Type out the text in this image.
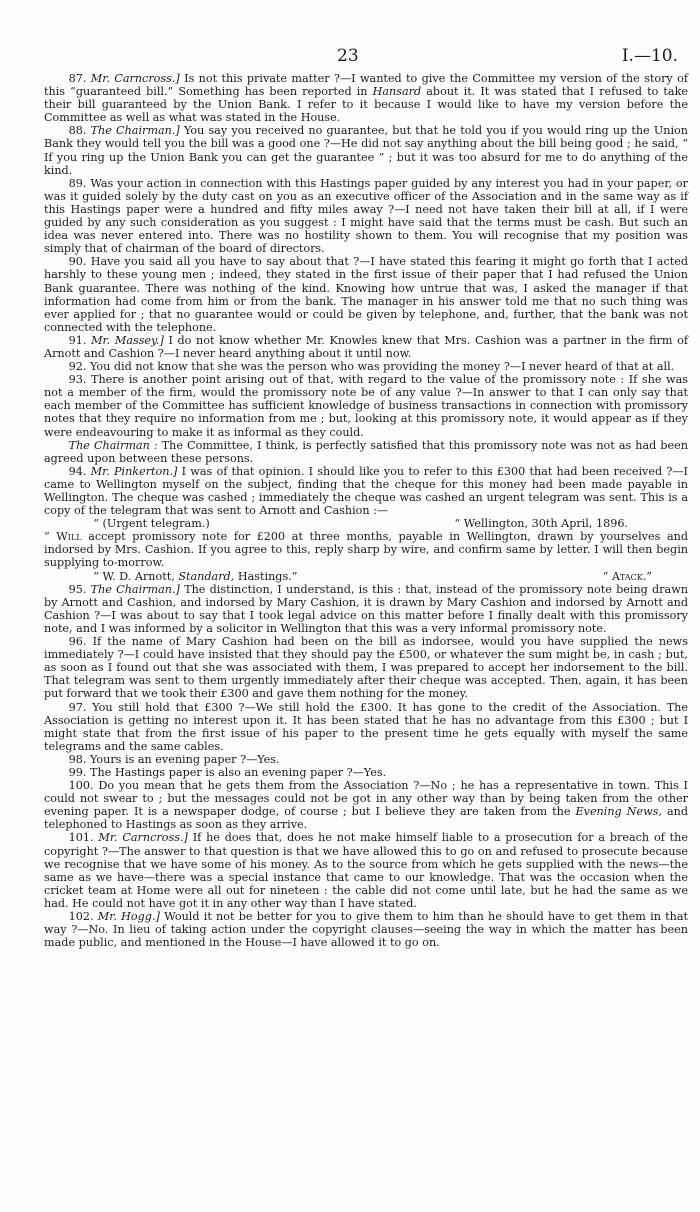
23	I.—10.

87. Mr. Carncross.] Is not this private matter ?—I wanted to give the Committee my version of the story of this “guaranteed bill.” Something has been reported in Hansard about it. It was stated that I refused to take their bill guaranteed by the Union Bank. I refer to it because I would like to have my version before the Committee as well as what was stated in the House.

88. The Chairman.] You say you received no guarantee, but that he told you if you would ring up the Union Bank they would tell you the bill was a good one ?—He did not say anything about the bill being good ; he said, “ If you ring up the Union Bank you can get the guarantee ” ; but it was too absurd for me to do anything of the kind.

89. Was your action in connection with this Hastings paper guided by any interest you had in your paper, or was it guided solely by the duty cast on you as an executive officer of the Association and in the same way as if this Hastings paper were a hundred and fifty miles away ?—I need not have taken their bill at all, if I were guided by any such consideration as you suggest : I might have said that the terms must be cash. But such an idea was never entered into. There was no hostility shown to them. You will recognise that my position was simply that of chairman of the board of directors.

90. Have you said all you have to say about that ?—I have stated this fearing it might go forth that I acted harshly to these young men ; indeed, they stated in the first issue of their paper that I had refused the Union Bank guarantee. There was nothing of the kind. Knowing how untrue that was, I asked the manager if that information had come from him or from the bank. The manager in his answer told me that no such thing was ever applied for ; that no guarantee would or could be given by telephone, and, further, that the bank was not connected with the telephone.

91. Mr. Massey.] I do not know whether Mr. Knowles knew that Mrs. Cashion was a partner in the firm of Arnott and Cashion ?—I never heard anything about it until now.

92. You did not know that she was the person who was providing the money ?—I never heard of that at all.

93. There is another point arising out of that, with regard to the value of the promissory note : If she was not a member of the firm, would the promissory note be of any value ?—In answer to that I can only say that each member of the Committee has sufficient knowledge of business transactions in connection with promissory notes that they require no information from me ; but, looking at this promissory note, it would appear as if they were endeavouring to make it as informal as they could.

The Chairman : The Committee, I think, is perfectly satisfied that this promissory note was not as had been agreed upon between these persons.

94. Mr. Pinkerton.] I was of that opinion. I should like you to refer to this £300 that had been received ?—I came to Wellington myself on the subject, finding that the cheque for this money had been made payable in Wellington. The cheque was cashed ; immediately the cheque was cashed an urgent telegram was sent. This is a copy of the telegram that was sent to Arnott and Cashion :—

“ (Urgent telegram.)	“ Wellington, 30th April, 1896.

“ Will accept promissory note for £200 at three months, payable in Wellington, drawn by yourselves and indorsed by Mrs. Cashion. If you agree to this, reply sharp by wire, and confirm same by letter. I will then begin supplying to-morrow.

“ W. D. Arnott, Standard, Hastings.”	“ Atack.”

95. The Chairman.] The distinction, I understand, is this : that, instead of the promissory note being drawn by Arnott and Cashion, and indorsed by Mary Cashion, it is drawn by Mary Cashion and indorsed by Arnott and Cashion ?—I was about to say that I took legal advice on this matter before I finally dealt with this promissory note, and I was informed by a solicitor in Wellington that this was a very informal promissory note.

96. If the name of Mary Cashion had been on the bill as indorsee, would you have supplied the news immediately ?—I could have insisted that they should pay the £500, or whatever the sum might be, in cash ; but, as soon as I found out that she was associated with them, I was prepared to accept her indorsement to the bill. That telegram was sent to them urgently immediately after their cheque was accepted. Then, again, it has been put forward that we took their £300 and gave them nothing for the money.

97. You still hold that £300 ?—We still hold the £300. It has gone to the credit of the Association. The Association is getting no interest upon it. It has been stated that he has no advantage from this £300 ; but I might state that from the first issue of his paper to the present time he gets equally with myself the same telegrams and the same cables.

98. Yours is an evening paper ?—Yes.

99. The Hastings paper is also an evening paper ?—Yes.

100. Do you mean that he gets them from the Association ?—No ; he has a representative in town. This I could not swear to ; but the messages could not be got in any other way than by being taken from the other evening paper. It is a newspaper dodge, of course ; but I believe they are taken from the Evening News, and telephoned to Hastings as soon as they arrive.

101. Mr. Carncross.] If he does that, does he not make himself liable to a prosecution for a breach of the copyright ?—The answer to that question is that we have allowed this to go on and refused to prosecute because we recognise that we have some of his money. As to the source from which he gets supplied with the news—the same as we have—there was a special instance that came to our knowledge. That was the occasion when the cricket team at Home were all out for nineteen : the cable did not come until late, but he had the same as we had. He could not have got it in any other way than I have stated.

102. Mr. Hogg.] Would it not be better for you to give them to him than he should have to get them in that way ?—No. In lieu of taking action under the copyright clauses—seeing the way in which the matter has been made public, and mentioned in the House—I have allowed it to go on.
